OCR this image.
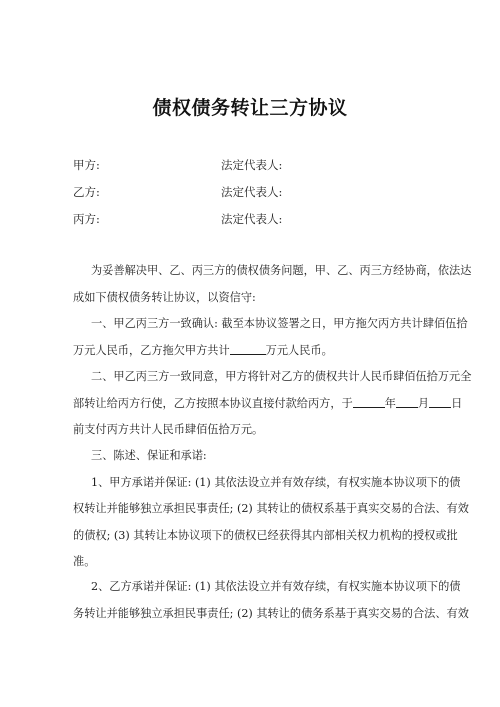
债权债务转让三方协议
甲方:	法定代表人:
乙方:	法定代表人:
丙方:	法定代表人:
为妥善解决甲、乙、丙三方的债权债务问题，甲、乙、丙三方经协商，依法达
成如下债权债务转让协议，以资信守:
一、甲乙丙三方一致确认: 截至本协议签署之日，甲方拖欠丙方共计肆佰伍拾
万元人民币，乙方拖欠甲方共计	万元人民币。
二、甲乙丙三方一致同意，甲方将针对乙方的债权共计人民币肆佰伍拾万元全
部转让给丙方行使，乙方按照本协议直接付款给丙方，于	年 月 日
前支付丙方共计人民币肆佰伍拾万元。
三、陈述、保证和承诺:
1、甲方承诺并保证: (1) 其依法设立并有效存续，有权实施本协议项下的债
权转让并能够独立承担民事责任; (2) 其转让的债权系基于真实交易的合法、有效
的债权; (3) 其转让本协议项下的债权已经获得其内部相关权力机构的授权或批
准。
2、乙方承诺并保证: (1) 其依法设立并有效存续，有权实施本协议项下的债
务转让并能够独立承担民事责任; (2) 其转让的债务系基于真实交易的合法、有效
